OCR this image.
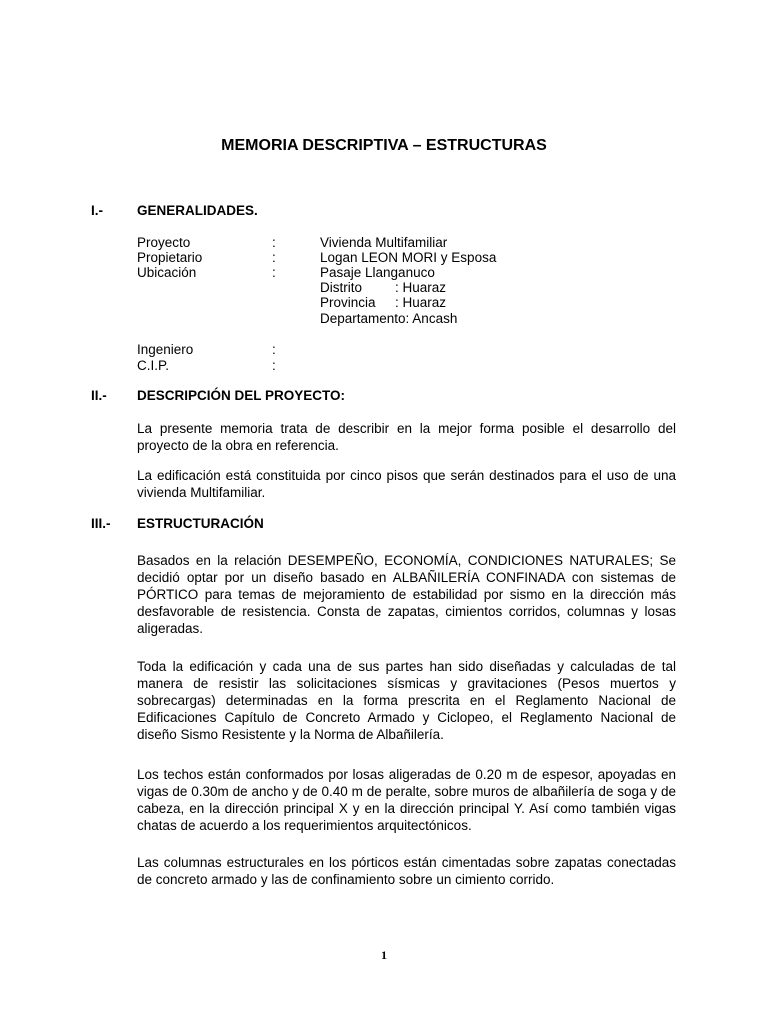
MEMORIA DESCRIPTIVA – ESTRUCTURAS
I.-	GENERALIDADES.
Proyecto	:	Vivienda Multifamiliar
Propietario	:	Logan LEON MORI y Esposa
Ubicación	:	Pasaje Llanganuco
Distrito : Huaraz
Provincia : Huaraz
Departamento: Ancash
Ingeniero	:
C.I.P.	:
II.- DESCRIPCIÓN DEL PROYECTO:
La presente memoria trata de describir en la mejor forma posible el desarrollo del proyecto de la obra en referencia.
La edificación está constituida por cinco pisos que serán destinados para el uso de una vivienda Multifamiliar.
III.- ESTRUCTURACIÓN
Basados en la relación DESEMPEÑO, ECONOMÍA, CONDICIONES NATURALES; Se decidió optar por un diseño basado en ALBAÑILERÍA CONFINADA con sistemas de PÓRTICO para temas de mejoramiento de estabilidad por sismo en la dirección más desfavorable de resistencia. Consta de zapatas, cimientos corridos, columnas y losas aligeradas.
Toda la edificación y cada una de sus partes han sido diseñadas y calculadas de tal manera de resistir las solicitaciones sísmicas y gravitaciones (Pesos muertos y sobrecargas) determinadas en la forma prescrita en el Reglamento Nacional de Edificaciones Capítulo de Concreto Armado y Ciclopeo, el Reglamento Nacional de diseño Sismo Resistente y la Norma de Albañilería.
Los techos están conformados por losas aligeradas de 0.20 m de espesor, apoyadas en vigas de 0.30m de ancho y de 0.40 m de peralte, sobre muros de albañilería de soga y de cabeza, en la dirección principal X y en la dirección principal Y. Así como también vigas chatas de acuerdo a los requerimientos arquitectónicos.
Las columnas estructurales en los pórticos están cimentadas sobre zapatas conectadas de concreto armado y las de confinamiento sobre un cimiento corrido.
1
